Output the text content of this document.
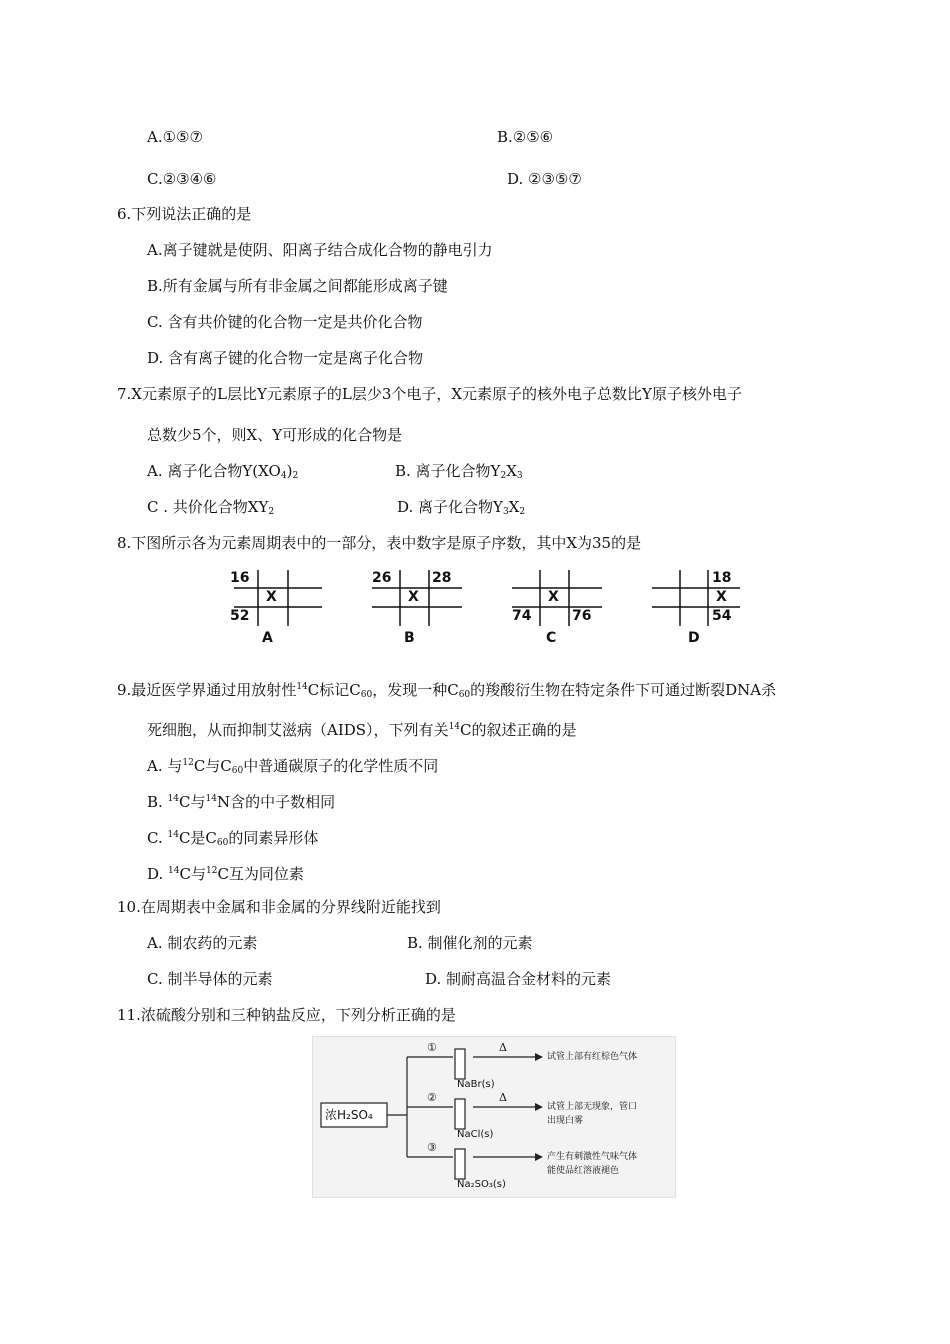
A.①⑤⑦	B.②⑤⑥
C.②③④⑥	D. ②③⑤⑦
6.下列说法正确的是
A.离子键就是使阴、阳离子结合成化合物的静电引力
B.所有金属与所有非金属之间都能形成离子键
C. 含有共价键的化合物一定是共价化合物
D. 含有离子键的化合物一定是离子化合物
7.X元素原子的L层比Y元素原子的L层少3个电子，X元素原子的核外电子总数比Y原子核外电子
总数少5个，则X、Y可形成的化合物是
A. 离子化合物$Y(XO_4)_2$	B. 离子化合物$Y_2X_3$
C . 共价化合物$XY_2$	D. 离子化合物$Y_3X_2$
8.下图所示各为元素周期表中的一部分，表中数字是原子序数，其中X为35的是
16
X
52
A
26	28
X
B
X
74	76
C
18
X
54
D
9.最近医学界通过用放射性$^{14}$C标记$C_{60}$，发现一种$C_{60}$的羧酸衍生物在特定条件下可通过断裂DNA杀
死细胞，从而抑制艾滋病（AIDS），下列有关$^{14}$C的叙述正确的是
A. 与$^{12}$C与$C_{60}$中普通碳原子的化学性质不同
B. $^{14}$C与$^{14}$N含的中子数相同
C. $^{14}$C是$C_{60}$的同素异形体
D. $^{14}$C与$^{12}$C互为同位素
10.在周期表中金属和非金属的分界线附近能找到
A. 制农药的元素	B. 制催化剂的元素
C. 制半导体的元素	D. 制耐高温合金材料的元素
11.浓硫酸分别和三种钠盐反应，下列分析正确的是
浓H₂SO₄
①
②
③
NaBr(s)
NaCl(s)
Na₂SO₃(s)
Δ
Δ
试管上部有红棕色气体
试管上部无现象，管口
出现白雾
产生有刺激性气味气体
能使品红溶液褪色
